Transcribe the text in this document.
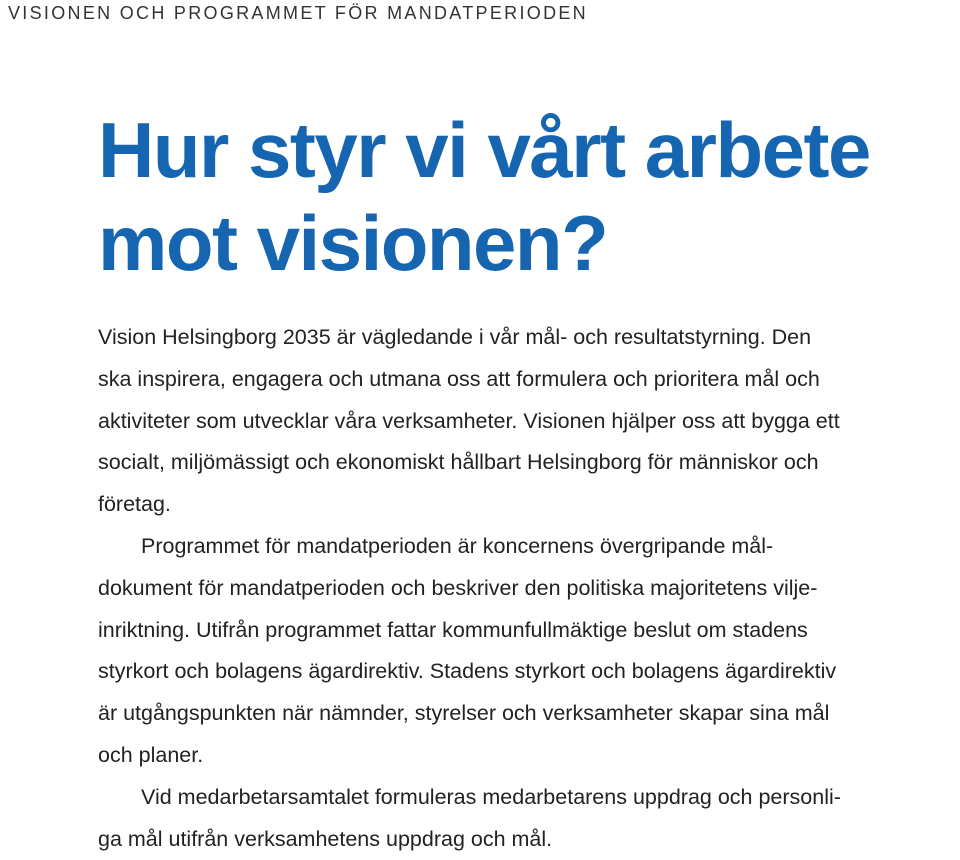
VISIONEN OCH PROGRAMMET FÖR MANDATPERIODEN
Hur styr vi vårt arbete
mot visionen?
Vision Helsingborg 2035 är vägledande i vår mål- och resultatstyrning. Den
ska inspirera, engagera och utmana oss att formulera och prioritera mål och
aktiviteter som utvecklar våra verksamheter. Visionen hjälper oss att bygga ett
socialt, miljömässigt och ekonomiskt hållbart Helsingborg för människor och
företag.
Programmet för mandatperioden är koncernens övergripande mål-
dokument för mandatperioden och beskriver den politiska majoritetens vilje-
inriktning. Utifrån programmet fattar kommunfullmäktige beslut om stadens
styrkort och bolagens ägardirektiv. Stadens styrkort och bolagens ägardirektiv
är utgångspunkten när nämnder, styrelser och verksamheter skapar sina mål
och planer.
Vid medarbetarsamtalet formuleras medarbetarens uppdrag och personli-
ga mål utifrån verksamhetens uppdrag och mål.
